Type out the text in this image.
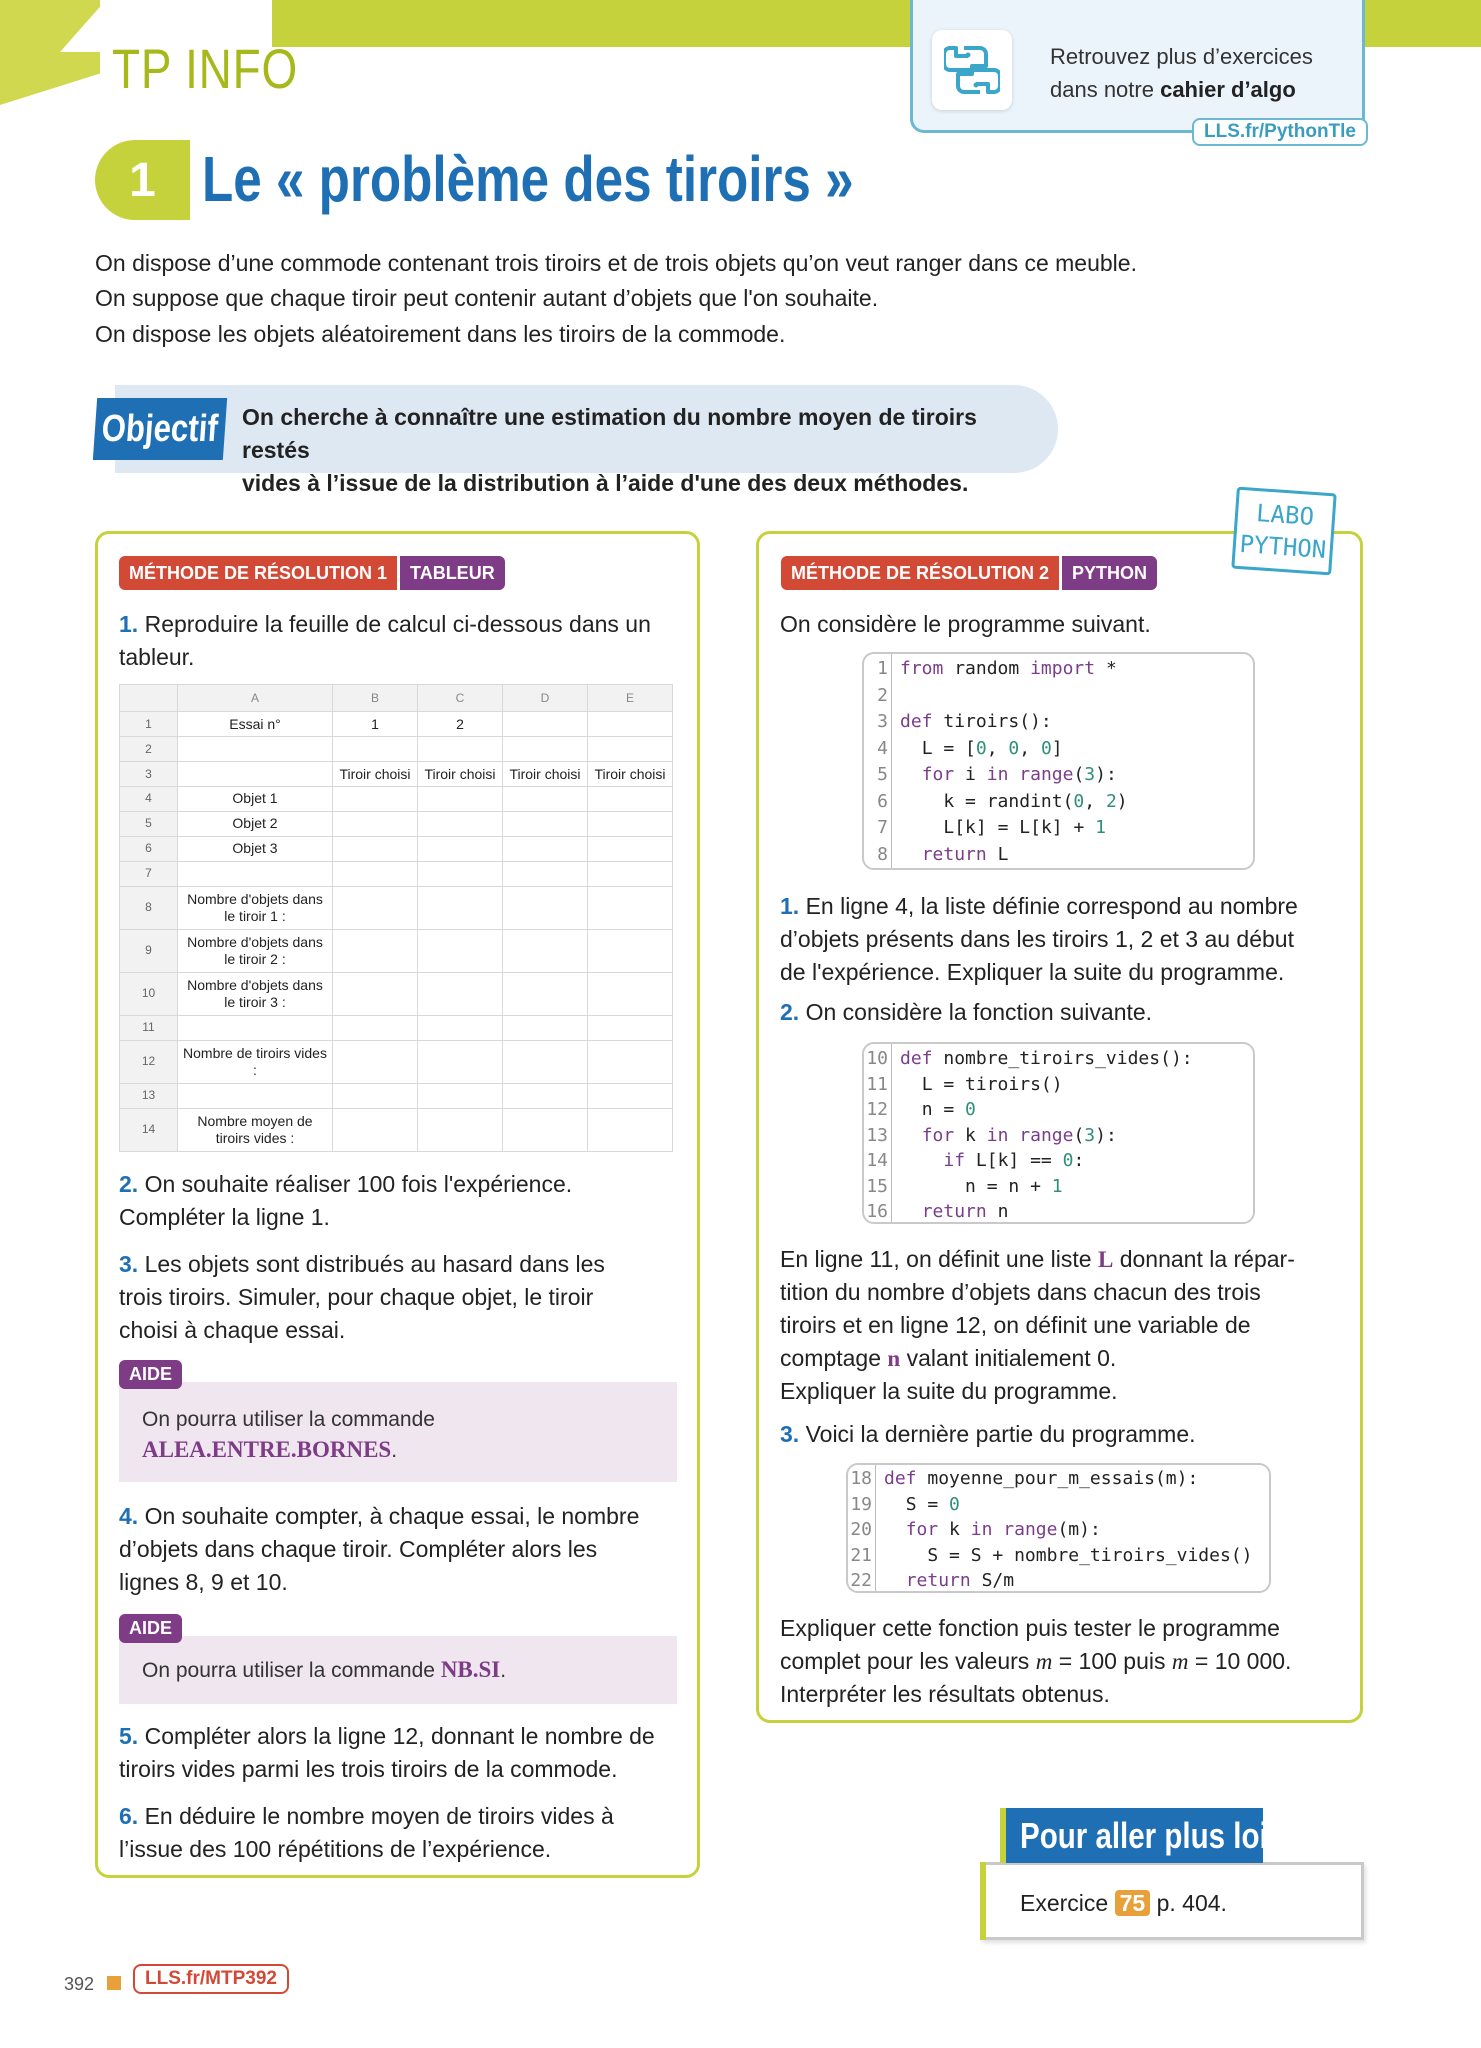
TP INFO	Retrouvez plus d’exercices
dans notre cahier d’algo
LLS.fr/PythonTle
1 Le « problème des tiroirs »
On dispose d’une commode contenant trois tiroirs et de trois objets qu’on veut ranger dans ce meuble.
On suppose que chaque tiroir peut contenir autant d’objets que l'on souhaite.
On dispose les objets aléatoirement dans les tiroirs de la commode.
Objectif On cherche à connaître une estimation du nombre moyen de tiroirs restés
vides à l’issue de la distribution à l’aide d'une des deux méthodes.
MÉTHODE DE RÉSOLUTION 1	TABLEUR
1. Reproduire la feuille de calcul ci-dessous dans un tableur.
	A	B	C	D	E
1	Essai n°	1	2		
2					
3		Tiroir choisi	Tiroir choisi	Tiroir choisi	Tiroir choisi
4	Objet 1				
5	Objet 2				
6	Objet 3				
7					
8	Nombre d'objets dans le tiroir 1 :				
9	Nombre d'objets dans le tiroir 2 :				
10	Nombre d'objets dans le tiroir 3 :				
11					
12	Nombre de tiroirs vides :				
13					
14	Nombre moyen de tiroirs vides :				
2. On souhaite réaliser 100 fois l'expérience.
Compléter la ligne 1.
3. Les objets sont distribués au hasard dans les
trois tiroirs. Simuler, pour chaque objet, le tiroir
choisi à chaque essai.
AIDE
On pourra utiliser la commande
ALEA.ENTRE.BORNES.
4. On souhaite compter, à chaque essai, le nombre
d’objets dans chaque tiroir. Compléter alors les
lignes 8, 9 et 10.
AIDE
On pourra utiliser la commande NB.SI.
5. Compléter alors la ligne 12, donnant le nombre de
tiroirs vides parmi les trois tiroirs de la commode.
6. En déduire le nombre moyen de tiroirs vides à
l’issue des 100 répétitions de l’expérience.
LABO
PYTHON
MÉTHODE DE RÉSOLUTION 2	PYTHON
On considère le programme suivant.
1 from random import *
2
3 def tiroirs():
4	L = [0, 0, 0]
5	for i in range(3):
6	k = randint(0, 2)
7	L[k] = L[k] + 1
8	return L
1. En ligne 4, la liste définie correspond au nombre
d’objets présents dans les tiroirs 1, 2 et 3 au début
de l'expérience. Expliquer la suite du programme.
2. On considère la fonction suivante.
10 def nombre_tiroirs_vides():
11	L = tiroirs()
12	n = 0
13	for k in range(3):
14	if L[k] == 0:
15	n = n + 1
16	return n
En ligne 11, on définit une liste L donnant la répar-
tition du nombre d’objets dans chacun des trois
tiroirs et en ligne 12, on définit une variable de
comptage n valant initialement 0.
Expliquer la suite du programme.
3. Voici la dernière partie du programme.
18 def moyenne_pour_m_essais(m):
19	S = 0
20	for k in range(m):
21	S = S + nombre_tiroirs_vides()
22	return S/m
Expliquer cette fonction puis tester le programme
complet pour les valeurs m = 100 puis m = 10 000.
Interpréter les résultats obtenus.
Pour aller plus loin
Exercice 75 p. 404.
392	LLS.fr/MTP392
